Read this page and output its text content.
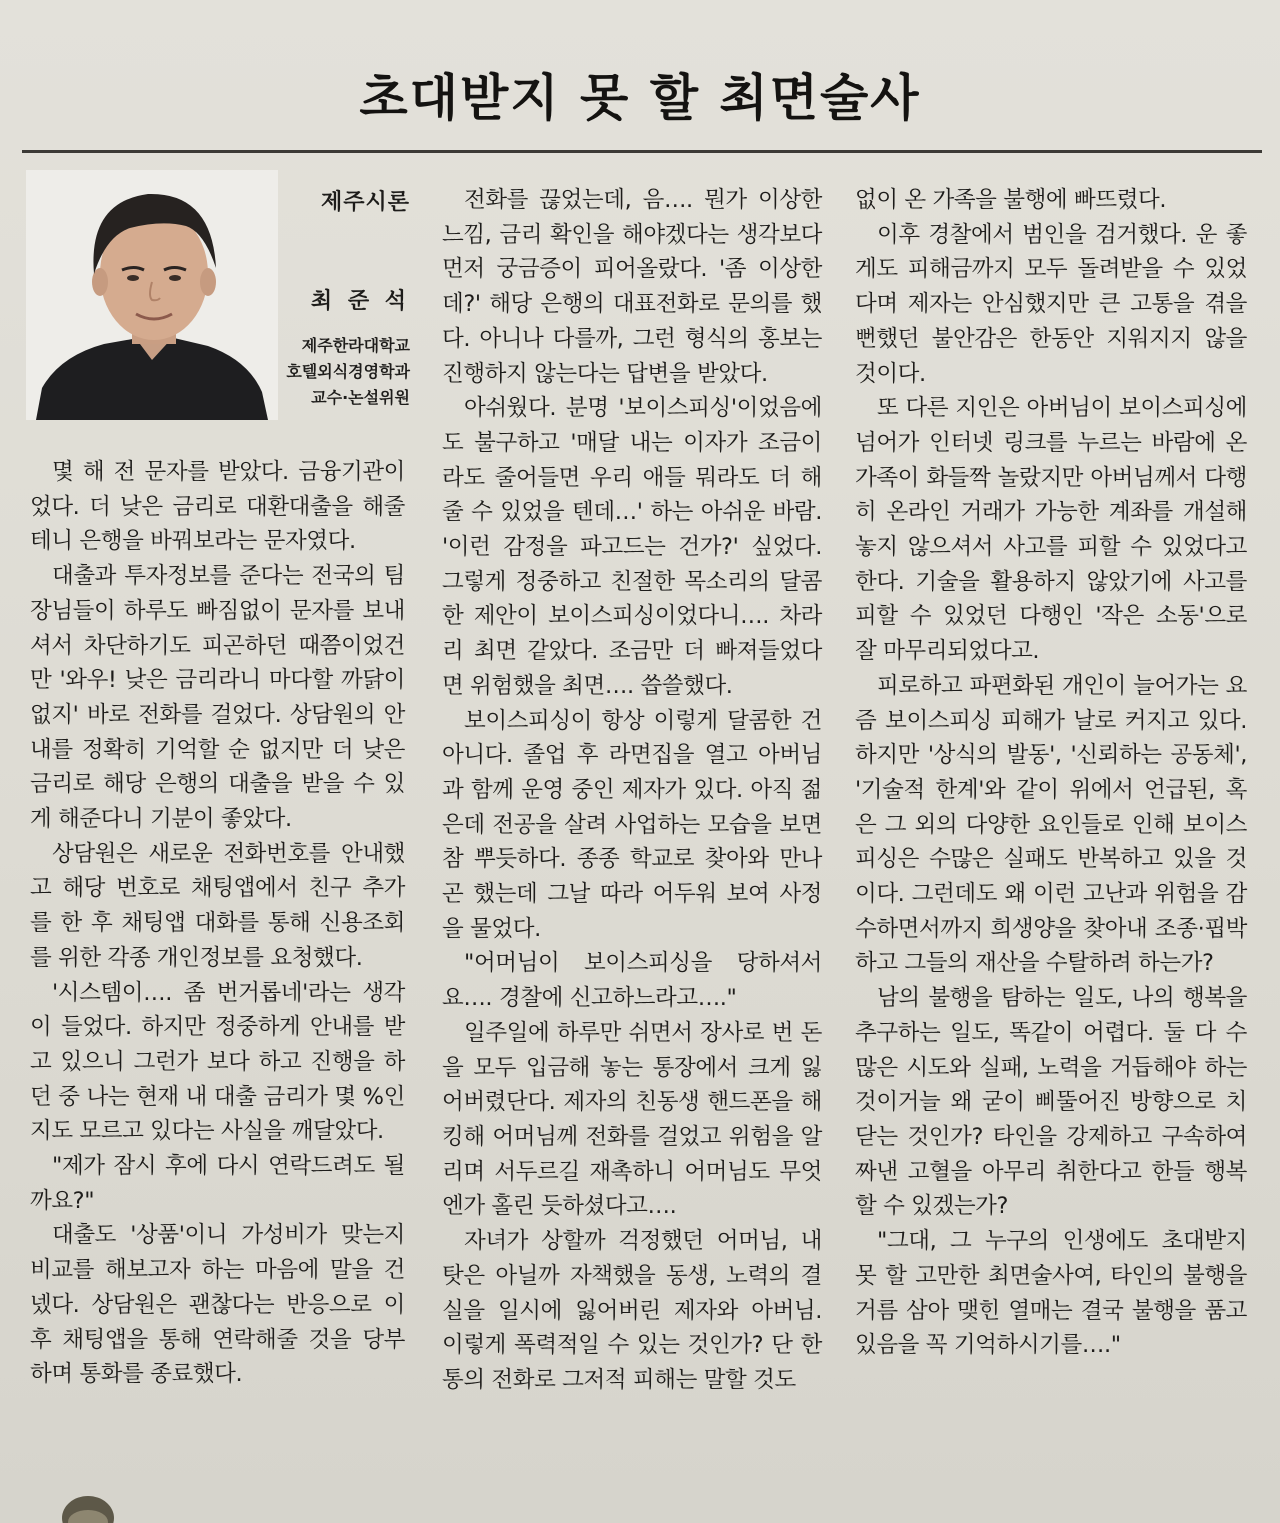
초대받지 못 할 최면술사
제주시론
최 준 석
제주한라대학교
호텔외식경영학과
교수·논설위원

몇 해 전 문자를 받았다. 금융기관이었다. 더 낮은 금리로 대환대출을 해줄테니 은행을 바꿔보라는 문자였다.

대출과 투자정보를 준다는 전국의 팀장님들이 하루도 빠짐없이 문자를 보내셔서 차단하기도 피곤하던 때쯤이었건만 '와우! 낮은 금리라니 마다할 까닭이 없지' 바로 전화를 걸었다. 상담원의 안내를 정확히 기억할 순 없지만 더 낮은 금리로 해당 은행의 대출을 받을 수 있게 해준다니 기분이 좋았다.

상담원은 새로운 전화번호를 안내했고 해당 번호로 채팅앱에서 친구 추가를 한 후 채팅앱 대화를 통해 신용조회를 위한 각종 개인정보를 요청했다.

'시스템이…. 좀 번거롭네'라는 생각이 들었다. 하지만 정중하게 안내를 받고 있으니 그런가 보다 하고 진행을 하던 중 나는 현재 내 대출 금리가 몇 %인지도 모르고 있다는 사실을 깨달았다.

"제가 잠시 후에 다시 연락드려도 될까요?"

대출도 '상품'이니 가성비가 맞는지 비교를 해보고자 하는 마음에 말을 건넸다. 상담원은 괜찮다는 반응으로 이후 채팅앱을 통해 연락해줄 것을 당부하며 통화를 종료했다.

전화를 끊었는데, 음…. 뭔가 이상한 느낌, 금리 확인을 해야겠다는 생각보다 먼저 궁금증이 피어올랐다. '좀 이상한데?' 해당 은행의 대표전화로 문의를 했다. 아니나 다를까, 그런 형식의 홍보는 진행하지 않는다는 답변을 받았다.

아쉬웠다. 분명 '보이스피싱'이었음에도 불구하고 '매달 내는 이자가 조금이라도 줄어들면 우리 애들 뭐라도 더 해줄 수 있었을 텐데…' 하는 아쉬운 바람. '이런 감정을 파고드는 건가?' 싶었다. 그렇게 정중하고 친절한 목소리의 달콤한 제안이 보이스피싱이었다니…. 차라리 최면 같았다. 조금만 더 빠져들었다면 위험했을 최면…. 씁쓸했다.

보이스피싱이 항상 이렇게 달콤한 건 아니다. 졸업 후 라면집을 열고 아버님과 함께 운영 중인 제자가 있다. 아직 젊은데 전공을 살려 사업하는 모습을 보면 참 뿌듯하다. 종종 학교로 찾아와 만나곤 했는데 그날 따라 어두워 보여 사정을 물었다.

"어머님이 보이스피싱을 당하셔서요…. 경찰에 신고하느라고…."

일주일에 하루만 쉬면서 장사로 번 돈을 모두 입금해 놓는 통장에서 크게 잃어버렸단다. 제자의 친동생 핸드폰을 해킹해 어머님께 전화를 걸었고 위험을 알리며 서두르길 재촉하니 어머님도 무엇엔가 홀린 듯하셨다고….

자녀가 상할까 걱정했던 어머님, 내 탓은 아닐까 자책했을 동생, 노력의 결실을 일시에 잃어버린 제자와 아버님. 이렇게 폭력적일 수 있는 것인가? 단 한 통의 전화로 그저적 피해는 말할 것도

없이 온 가족을 불행에 빠뜨렸다.

이후 경찰에서 범인을 검거했다. 운 좋게도 피해금까지 모두 돌려받을 수 있었다며 제자는 안심했지만 큰 고통을 겪을 뻔했던 불안감은 한동안 지워지지 않을 것이다.

또 다른 지인은 아버님이 보이스피싱에 넘어가 인터넷 링크를 누르는 바람에 온 가족이 화들짝 놀랐지만 아버님께서 다행히 온라인 거래가 가능한 계좌를 개설해 놓지 않으셔서 사고를 피할 수 있었다고 한다. 기술을 활용하지 않았기에 사고를 피할 수 있었던 다행인 '작은 소동'으로 잘 마무리되었다고.

피로하고 파편화된 개인이 늘어가는 요즘 보이스피싱 피해가 날로 커지고 있다. 하지만 '상식의 발동', '신뢰하는 공동체', '기술적 한계'와 같이 위에서 언급된, 혹은 그 외의 다양한 요인들로 인해 보이스피싱은 수많은 실패도 반복하고 있을 것이다. 그런데도 왜 이런 고난과 위험을 감수하면서까지 희생양을 찾아내 조종·핍박하고 그들의 재산을 수탈하려 하는가?

남의 불행을 탐하는 일도, 나의 행복을 추구하는 일도, 똑같이 어렵다. 둘 다 수많은 시도와 실패, 노력을 거듭해야 하는 것이거늘 왜 굳이 삐뚤어진 방향으로 치닫는 것인가? 타인을 강제하고 구속하여 짜낸 고혈을 아무리 취한다고 한들 행복할 수 있겠는가?

"그대, 그 누구의 인생에도 초대받지 못 할 고만한 최면술사여, 타인의 불행을 거름 삼아 맺힌 열매는 결국 불행을 품고 있음을 꼭 기억하시기를…."
